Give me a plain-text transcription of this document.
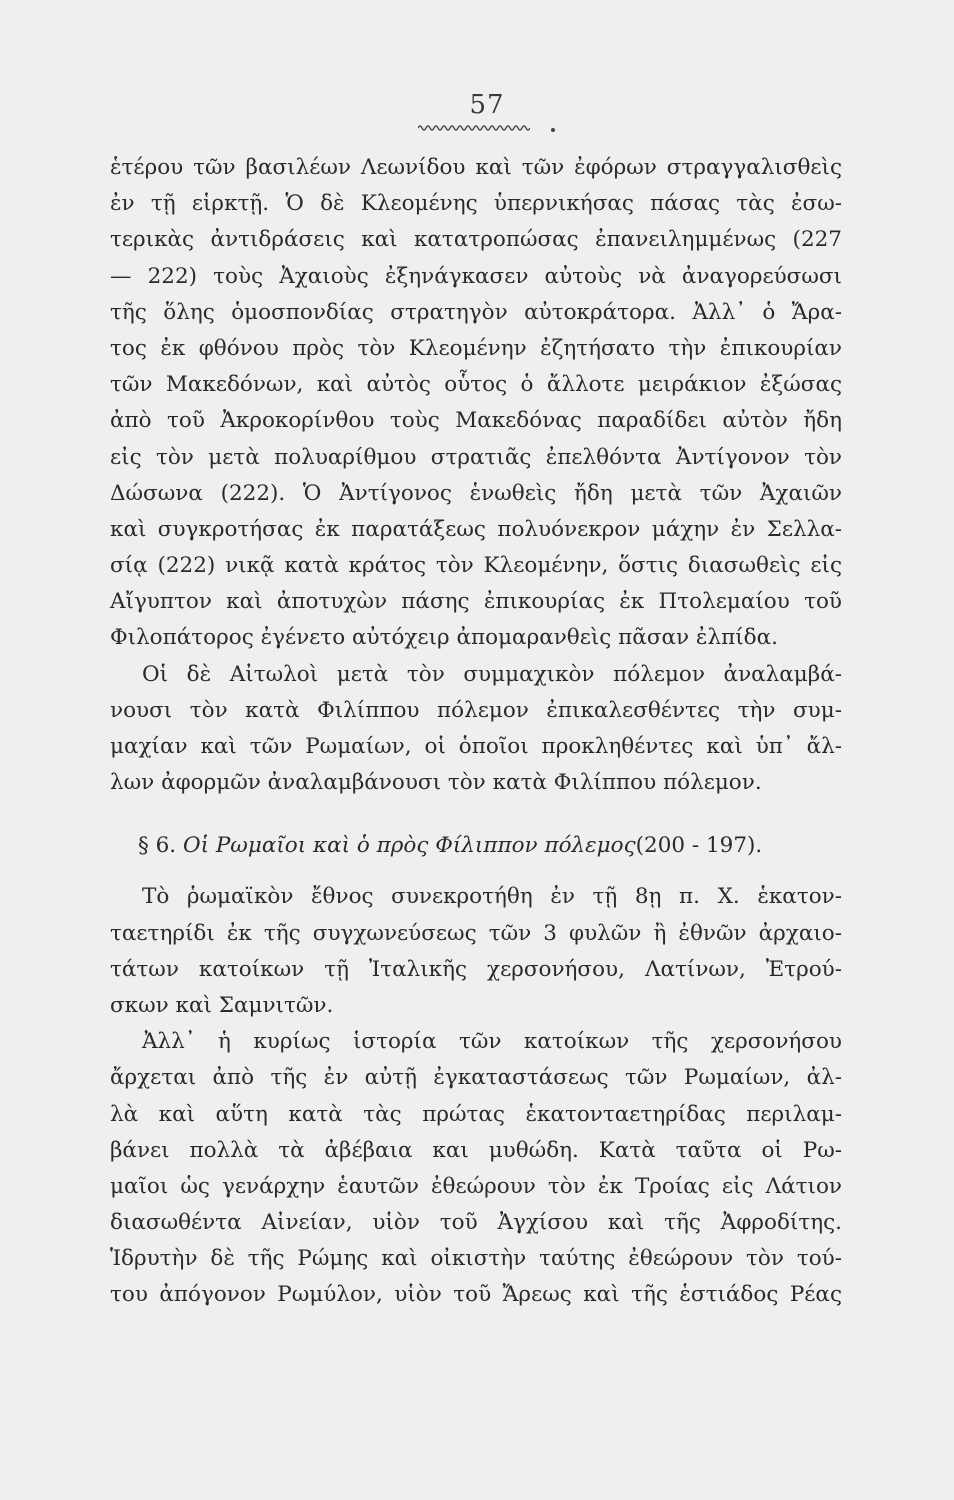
57
ἑτέρου τῶν βασιλέων Λεωνίδου καὶ τῶν ἐφόρων στραγγαλισθεὶς
ἐν τῇ εἱρκτῇ. Ὁ δὲ Κλεομένης ὑπερνικήσας πάσας τὰς ἐσω-
τερικὰς ἀντιδράσεις καὶ κατατροπώσας ἐπανειλημμένως (227
— 222) τοὺς Ἀχαιοὺς ἐξηνάγκασεν αὐτοὺς νὰ ἀναγορεύσωσι
τῆς ὅλης ὁμοσπονδίας στρατηγὸν αὐτοκράτορα. Ἀλλ᾽ ὁ Ἄρα-
τος ἐκ φθόνου πρὸς τὸν Κλεομένην ἐζητήσατο τὴν ἐπικουρίαν
τῶν Μακεδόνων, καὶ αὐτὸς οὗτος ὁ ἄλλοτε μειράκιον ἐξώσας
ἀπὸ τοῦ Ἀκροκορίνθου τοὺς Μακεδόνας παραδίδει αὐτὸν ἤδη
εἰς τὸν μετὰ πολυαρίθμου στρατιᾶς ἐπελθόντα Ἀντίγονον τὸν
Δώσωνα (222). Ὁ Ἀντίγονος ἑνωθεὶς ἤδη μετὰ τῶν Ἀχαιῶν
καὶ συγκροτήσας ἐκ παρατάξεως πολυόνεκρον μάχην ἐν Σελλα-
σίᾳ (222) νικᾷ κατὰ κράτος τὸν Κλεομένην, ὅστις διασωθεὶς εἰς
Αἴγυπτον καὶ ἀποτυχὼν πάσης ἐπικουρίας ἐκ Πτολεμαίου τοῦ
Φιλοπάτορος ἐγένετο αὐτόχειρ ἀπομαρανθεὶς πᾶσαν ἐλπίδα.
Οἱ δὲ Αἰτωλοὶ μετὰ τὸν συμμαχικὸν πόλεμον ἀναλαμβά-
νουσι τὸν κατὰ Φιλίππου πόλεμον ἐπικαλεσθέντες τὴν συμ-
μαχίαν καὶ τῶν Ρωμαίων, οἱ ὁποῖοι προκληθέντες καὶ ὑπ᾽ ἄλ-
λων ἀφορμῶν ἀναλαμβάνουσι τὸν κατὰ Φιλίππου πόλεμον.
§ 6. Οἱ Ρωμαῖοι καὶ ὁ πρὸς Φίλιππον πόλεμος(200 - 197).
Τὸ ῥωμαϊκὸν ἔθνος συνεκροτήθη ἐν τῇ 8ῃ π. Χ. ἑκατον-
ταετηρίδι ἐκ τῆς συγχωνεύσεως τῶν 3 φυλῶν ἢ ἐθνῶν ἀρχαιο-
τάτων κατοίκων τῇ Ἰταλικῆς χερσονήσου, Λατίνων, Ἐτρού-
σκων καὶ Σαμνιτῶν.
Ἀλλ᾽ ἡ κυρίως ἱστορία τῶν κατοίκων τῆς χερσονήσου
ἄρχεται ἀπὸ τῆς ἐν αὐτῇ ἐγκαταστάσεως τῶν Ρωμαίων, ἀλ-
λὰ καὶ αὕτη κατὰ τὰς πρώτας ἑκατονταετηρίδας περιλαμ-
βάνει πολλὰ τὰ ἀβέβαια και μυθώδη. Κατὰ ταῦτα οἱ Ρω-
μαῖοι ὡς γενάρχην ἑαυτῶν ἐθεώρουν τὸν ἐκ Τροίας εἰς Λάτιον
διασωθέντα Αἰνείαν, υἱὸν τοῦ Ἀγχίσου καὶ τῆς Ἀφροδίτης.
Ἱδρυτὴν δὲ τῆς Ρώμης καὶ οἰκιστὴν ταύτης ἐθεώρουν τὸν τού-
του ἀπόγονον Ρωμύλον, υἱὸν τοῦ Ἄρεως καὶ τῆς ἑστιάδος Ρέας
